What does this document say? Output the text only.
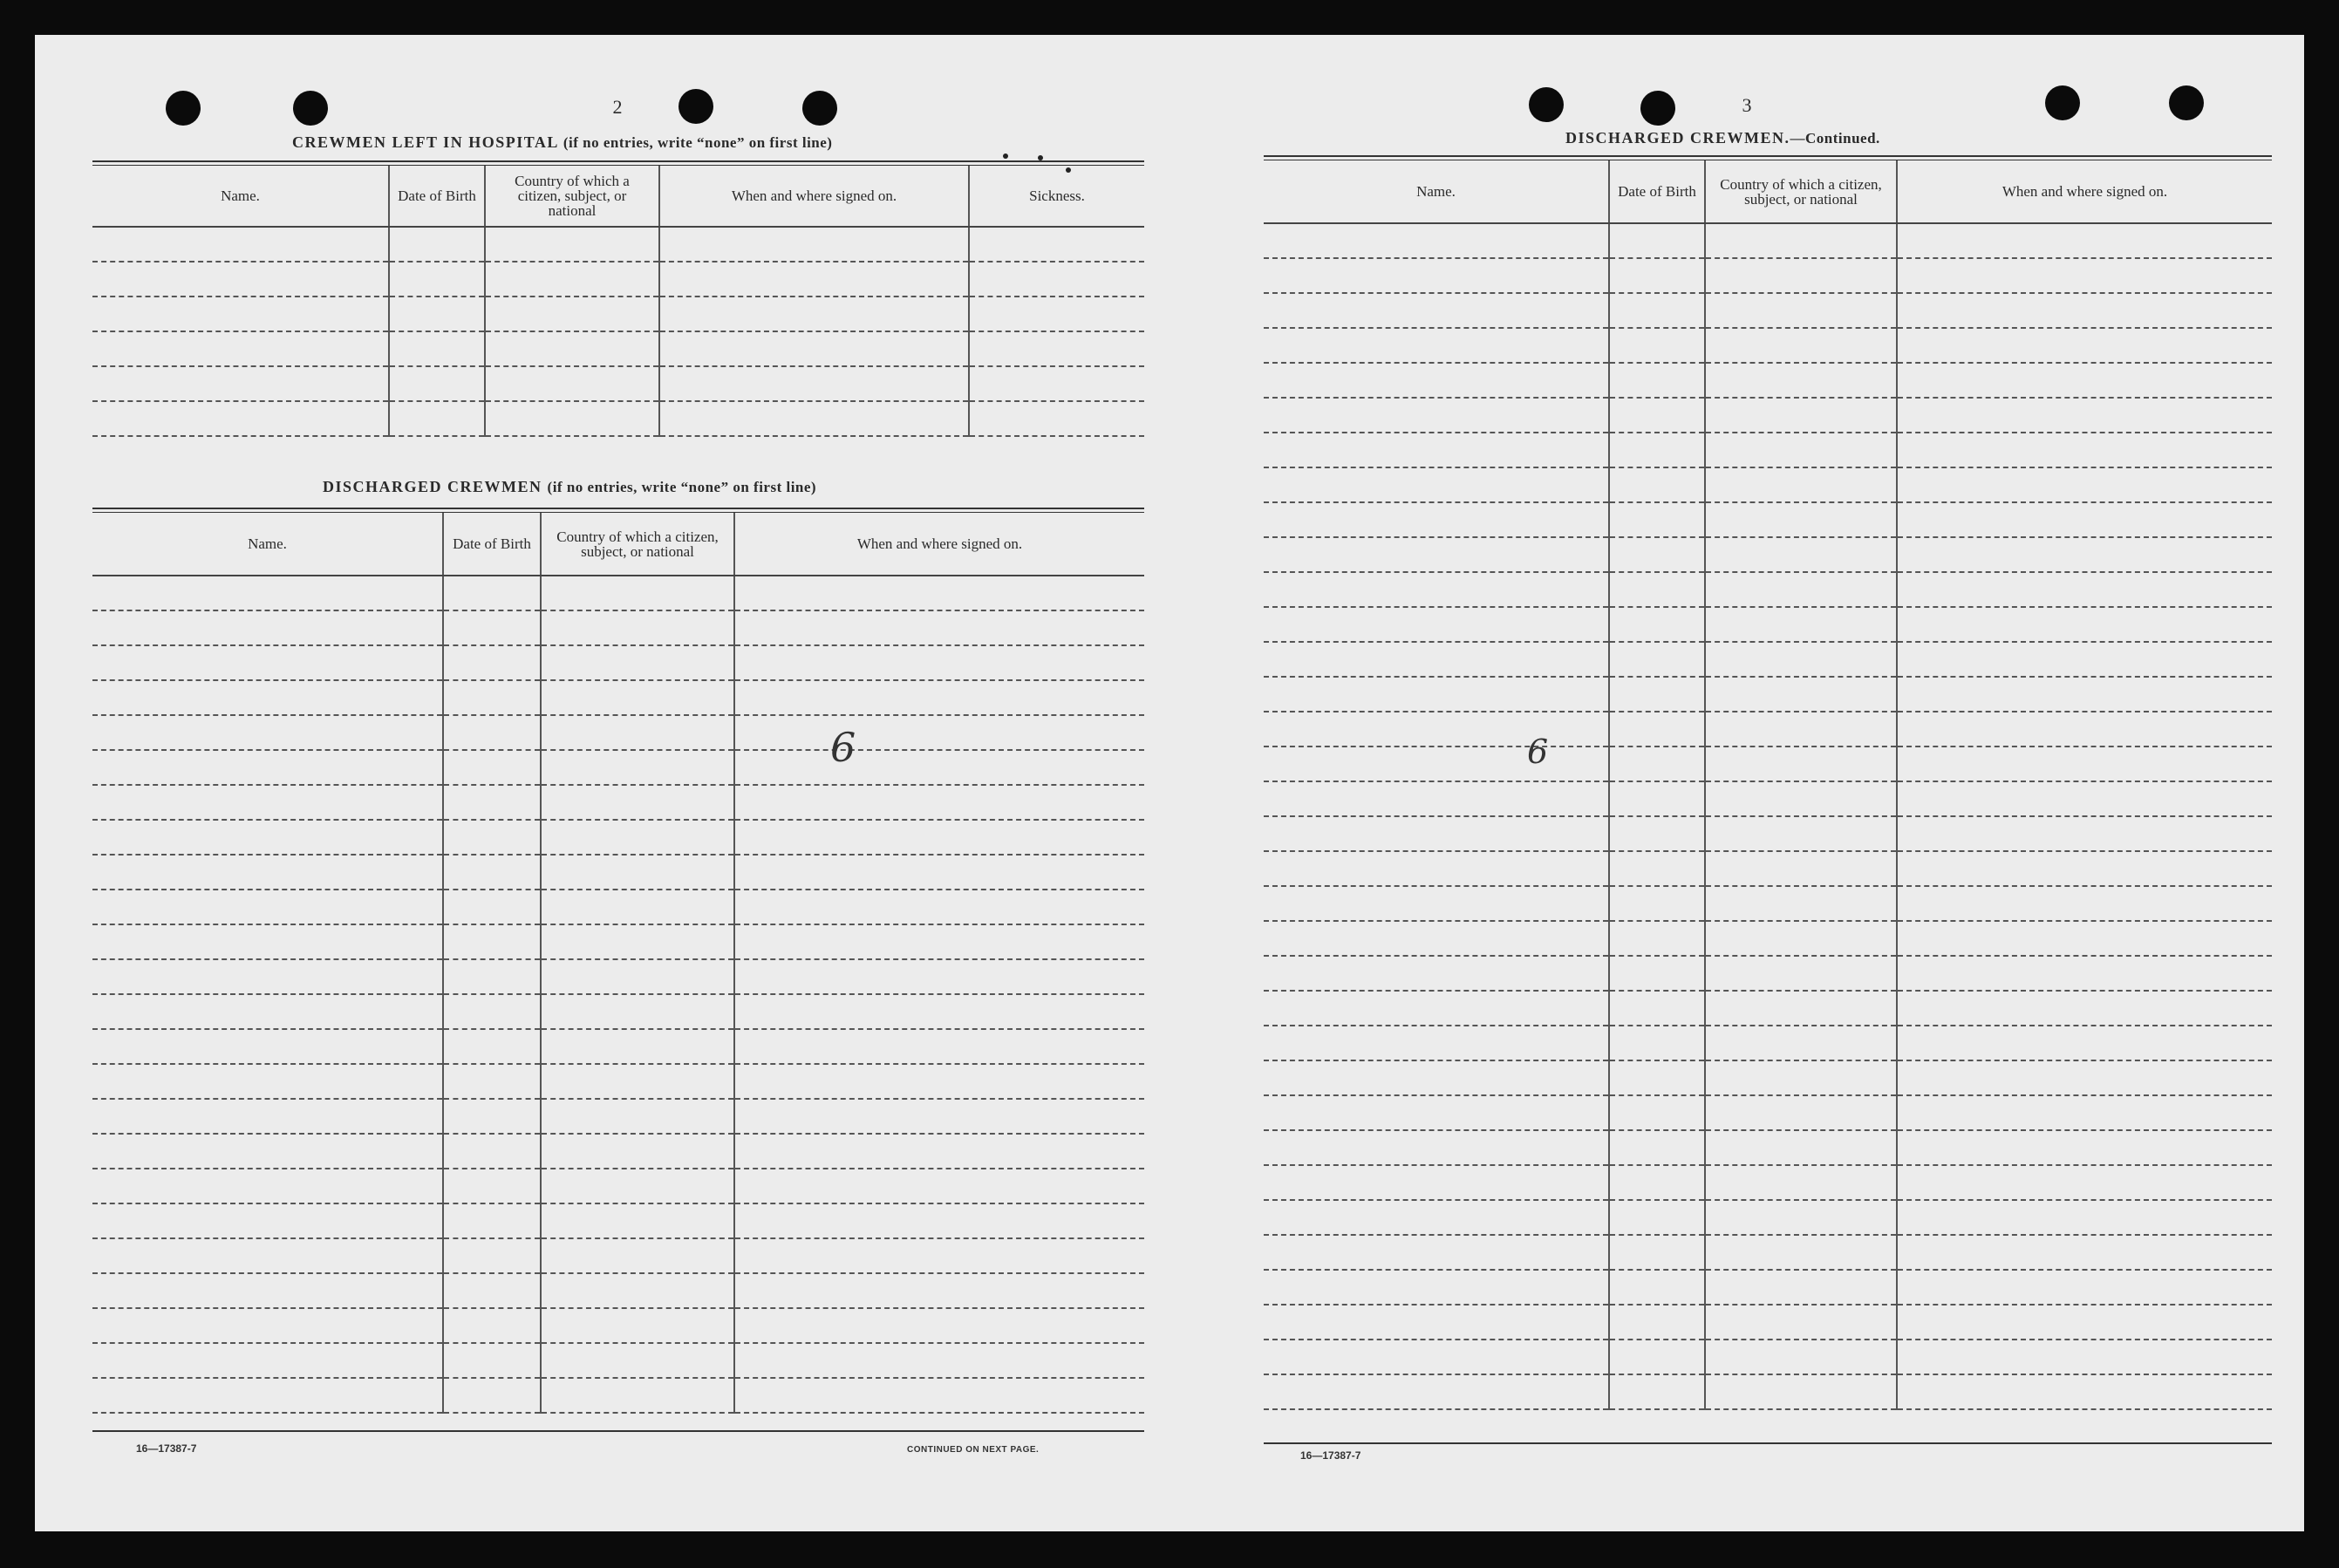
2
CREWMEN LEFT IN HOSPITAL (if no entries, write “none” on first line)
Name.	Date of Birth	Country of which a citizen, subject, or national	When and where signed on.	Sickness.

DISCHARGED CREWMEN (if no entries, write “none” on first line)
Name.	Date of Birth	Country of which a citizen, subject, or national	When and where signed on.

6
16—17387-7	CONTINUED ON NEXT PAGE.
3
DISCHARGED CREWMEN.—Continued.
Name.	Date of Birth	Country of which a citizen, subject, or national	When and where signed on.

6
16—17387-7
